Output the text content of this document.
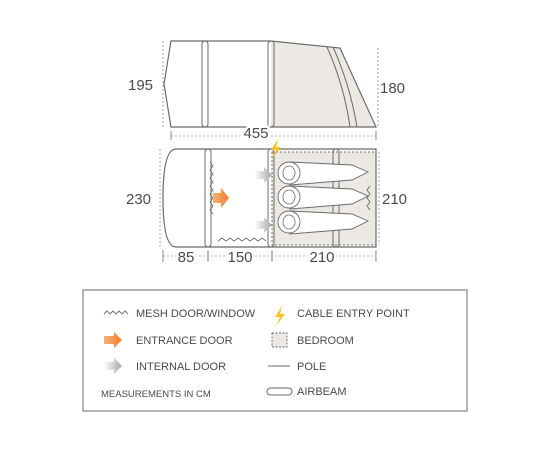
195	180
455
230	210
85 150	210
MESH DOOR/WINDOW
ENTRANCE DOOR
INTERNAL DOOR
MEASUREMENTS IN CM
CABLE ENTRY POINT
BEDROOM
POLE
AIRBEAM
